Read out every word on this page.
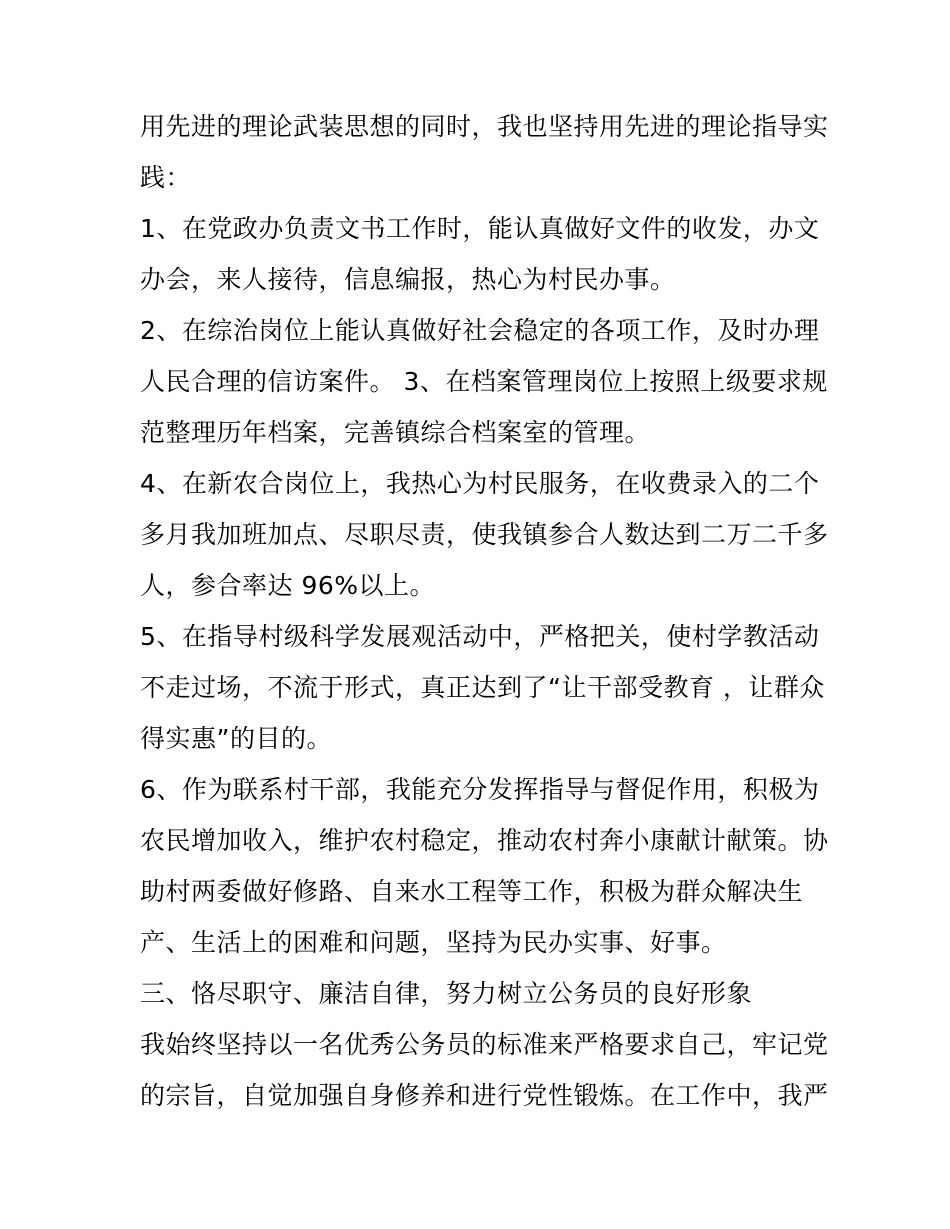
用先进的理论武装思想的同时，我也坚持用先进的理论指导实
践：
1、在党政办负责文书工作时，能认真做好文件的收发，办文
办会，来人接待，信息编报，热心为村民办事。
2、在综治岗位上能认真做好社会稳定的各项工作，及时办理
人民合理的信访案件。 3、在档案管理岗位上按照上级要求规
范整理历年档案，完善镇综合档案室的管理。
4、在新农合岗位上，我热心为村民服务，在收费录入的二个
多月我加班加点、尽职尽责，使我镇参合人数达到二万二千多
人，参合率达 96%以上。
5、在指导村级科学发展观活动中，严格把关，使村学教活动
不走过场，不流于形式，真正达到了“让干部受教育 ，让群众
得实惠”的目的。
6、作为联系村干部，我能充分发挥指导与督促作用，积极为
农民增加收入，维护农村稳定，推动农村奔小康献计献策。协
助村两委做好修路、自来水工程等工作，积极为群众解决生
产、生活上的困难和问题，坚持为民办实事、好事。
三、恪尽职守、廉洁自律，努力树立公务员的良好形象
我始终坚持以一名优秀公务员的标准来严格要求自己，牢记党
的宗旨，自觉加强自身修养和进行党性锻炼。在工作中，我严
